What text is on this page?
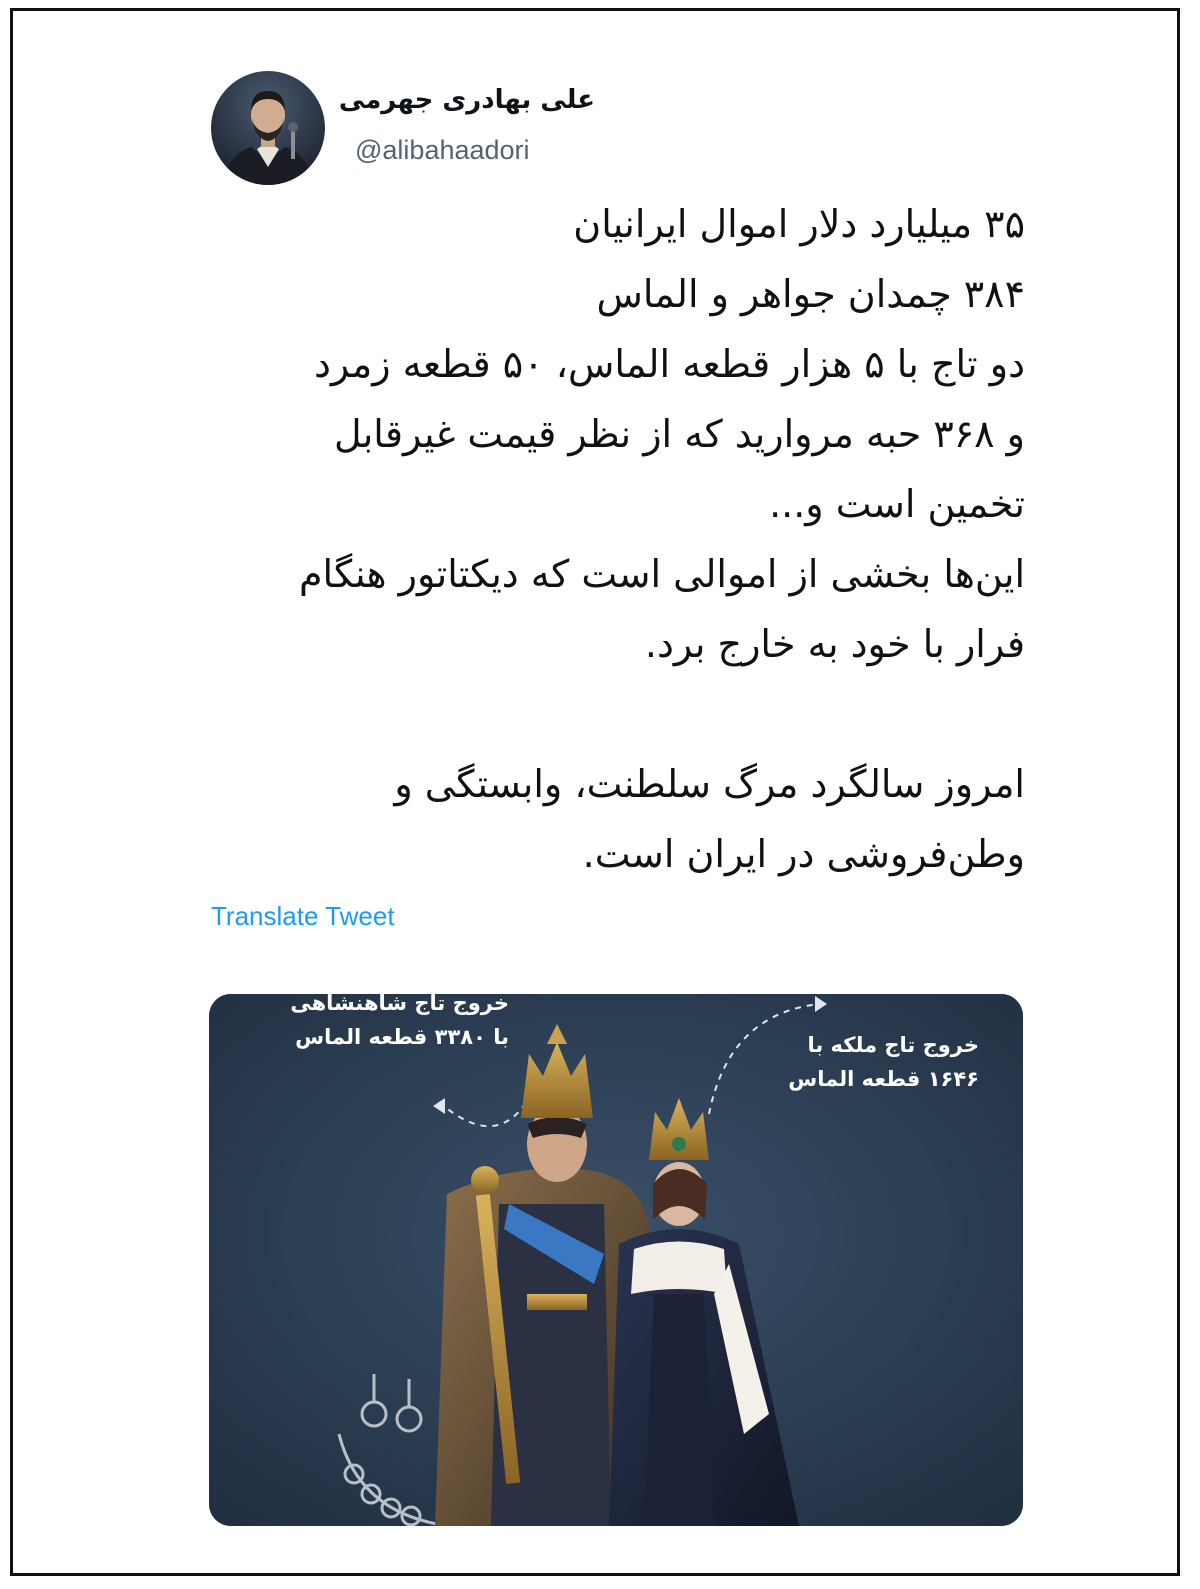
علی بهادری جهرمی
@alibahaadori
۳۵ میلیارد دلار اموال ایرانیان
۳۸۴ چمدان جواهر و الماس
دو تاج با ۵ هزار قطعه الماس، ۵۰ قطعه زمرد
و ۳۶۸ حبه مروارید که از نظر قیمت غیرقابل
تخمین است و...
این‌ها بخشی از اموالی است که دیکتاتور هنگام
فرار با خود به خارج برد.
امروز سالگرد مرگ سلطنت، وابستگی و
وطن‌فروشی در ایران است.
Translate Tweet
خروج تاج شاهنشاهی
با ۳۳۸۰ قطعه الماس	خروج تاج ملکه با
۱۶۴۶ قطعه الماس
